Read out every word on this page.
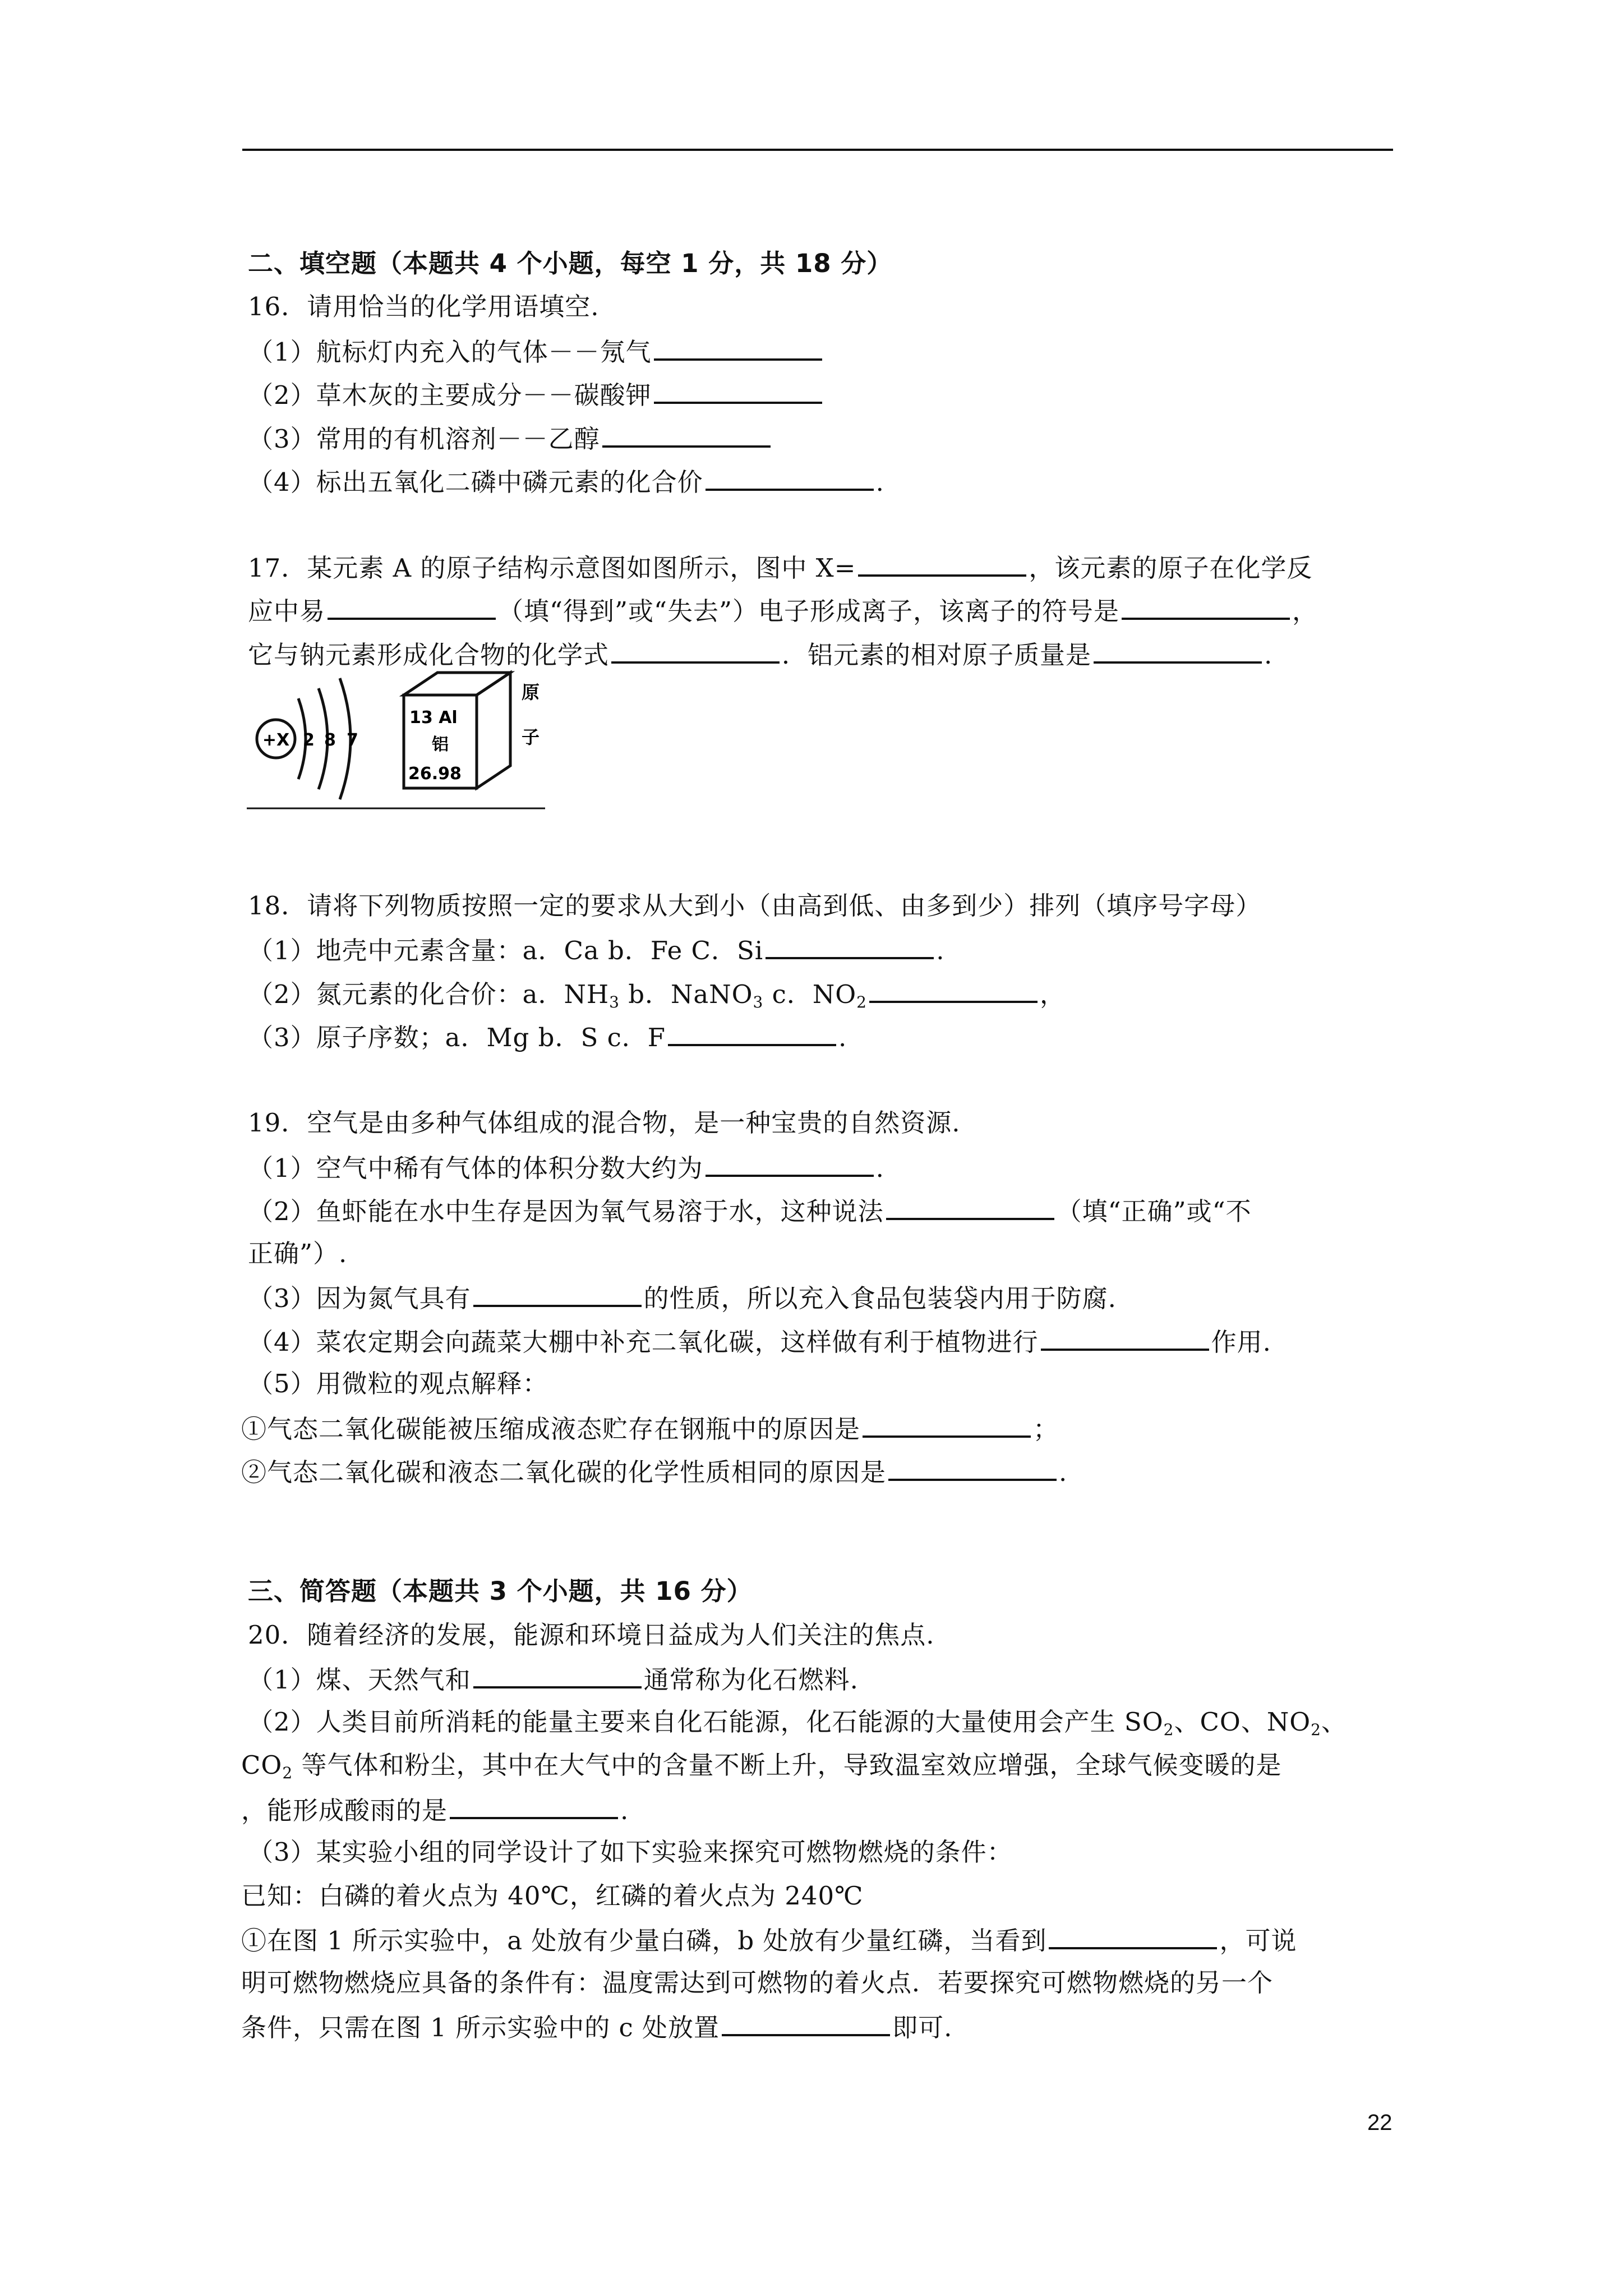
二、填空题（本题共 4 个小题，每空 1 分，共 18 分）
16．请用恰当的化学用语填空.
（1）航标灯内充入的气体－－氖气
（2）草木灰的主要成分－－碳酸钾
（3）常用的有机溶剂－－乙醇
（4）标出五氧化二磷中磷元素的化合价	.
17．某元素 A 的原子结构示意图如图所示，图中 X=	，该元素的原子在化学反
应中易	（填“得到”或“失去”）电子形成离子，该离子的符号是	，
它与钠元素形成化合物的化学式	．铝元素的相对原子质量是	.
+X 2 8 7
13 Al
铝
26.98
原
子
18．请将下列物质按照一定的要求从大到小（由高到低、由多到少）排列（填序号字母）
（1）地壳中元素含量：a．Ca b．Fe C．Si	.
（2）氮元素的化合价：a．$NH_3$ b．NaNO$_3$ c．$NO_2$	，
（3）原子序数；a．Mg b．S c．F	.
19．空气是由多种气体组成的混合物，是一种宝贵的自然资源.
（1）空气中稀有气体的体积分数大约为	.
（2）鱼虾能在水中生存是因为氧气易溶于水，这种说法	（填“正确”或“不
正确”）.
（3）因为氮气具有	的性质，所以充入食品包装袋内用于防腐.
（4）菜农定期会向蔬菜大棚中补充二氧化碳，这样做有利于植物进行	作用.
（5）用微粒的观点解释：
①气态二氧化碳能被压缩成液态贮存在钢瓶中的原因是	；
②气态二氧化碳和液态二氧化碳的化学性质相同的原因是	.
三、简答题（本题共 3 个小题，共 16 分）
20．随着经济的发展，能源和环境日益成为人们关注的焦点.
（1）煤、天然气和	通常称为化石燃料.
（2）人类目前所消耗的能量主要来自化石能源，化石能源的大量使用会产生 $SO_2$、CO、$NO_2$、
$CO_2$ 等气体和粉尘，其中在大气中的含量不断上升，导致温室效应增强，全球气候变暖的是
，能形成酸雨的是	.
（3）某实验小组的同学设计了如下实验来探究可燃物燃烧的条件：
已知：白磷的着火点为 40℃，红磷的着火点为 240℃
①在图 1 所示实验中，a 处放有少量白磷，b 处放有少量红磷，当看到	，可说
明可燃物燃烧应具备的条件有：温度需达到可燃物的着火点．若要探究可燃物燃烧的另一个
条件，只需在图 1 所示实验中的 c 处放置	即可.
22
